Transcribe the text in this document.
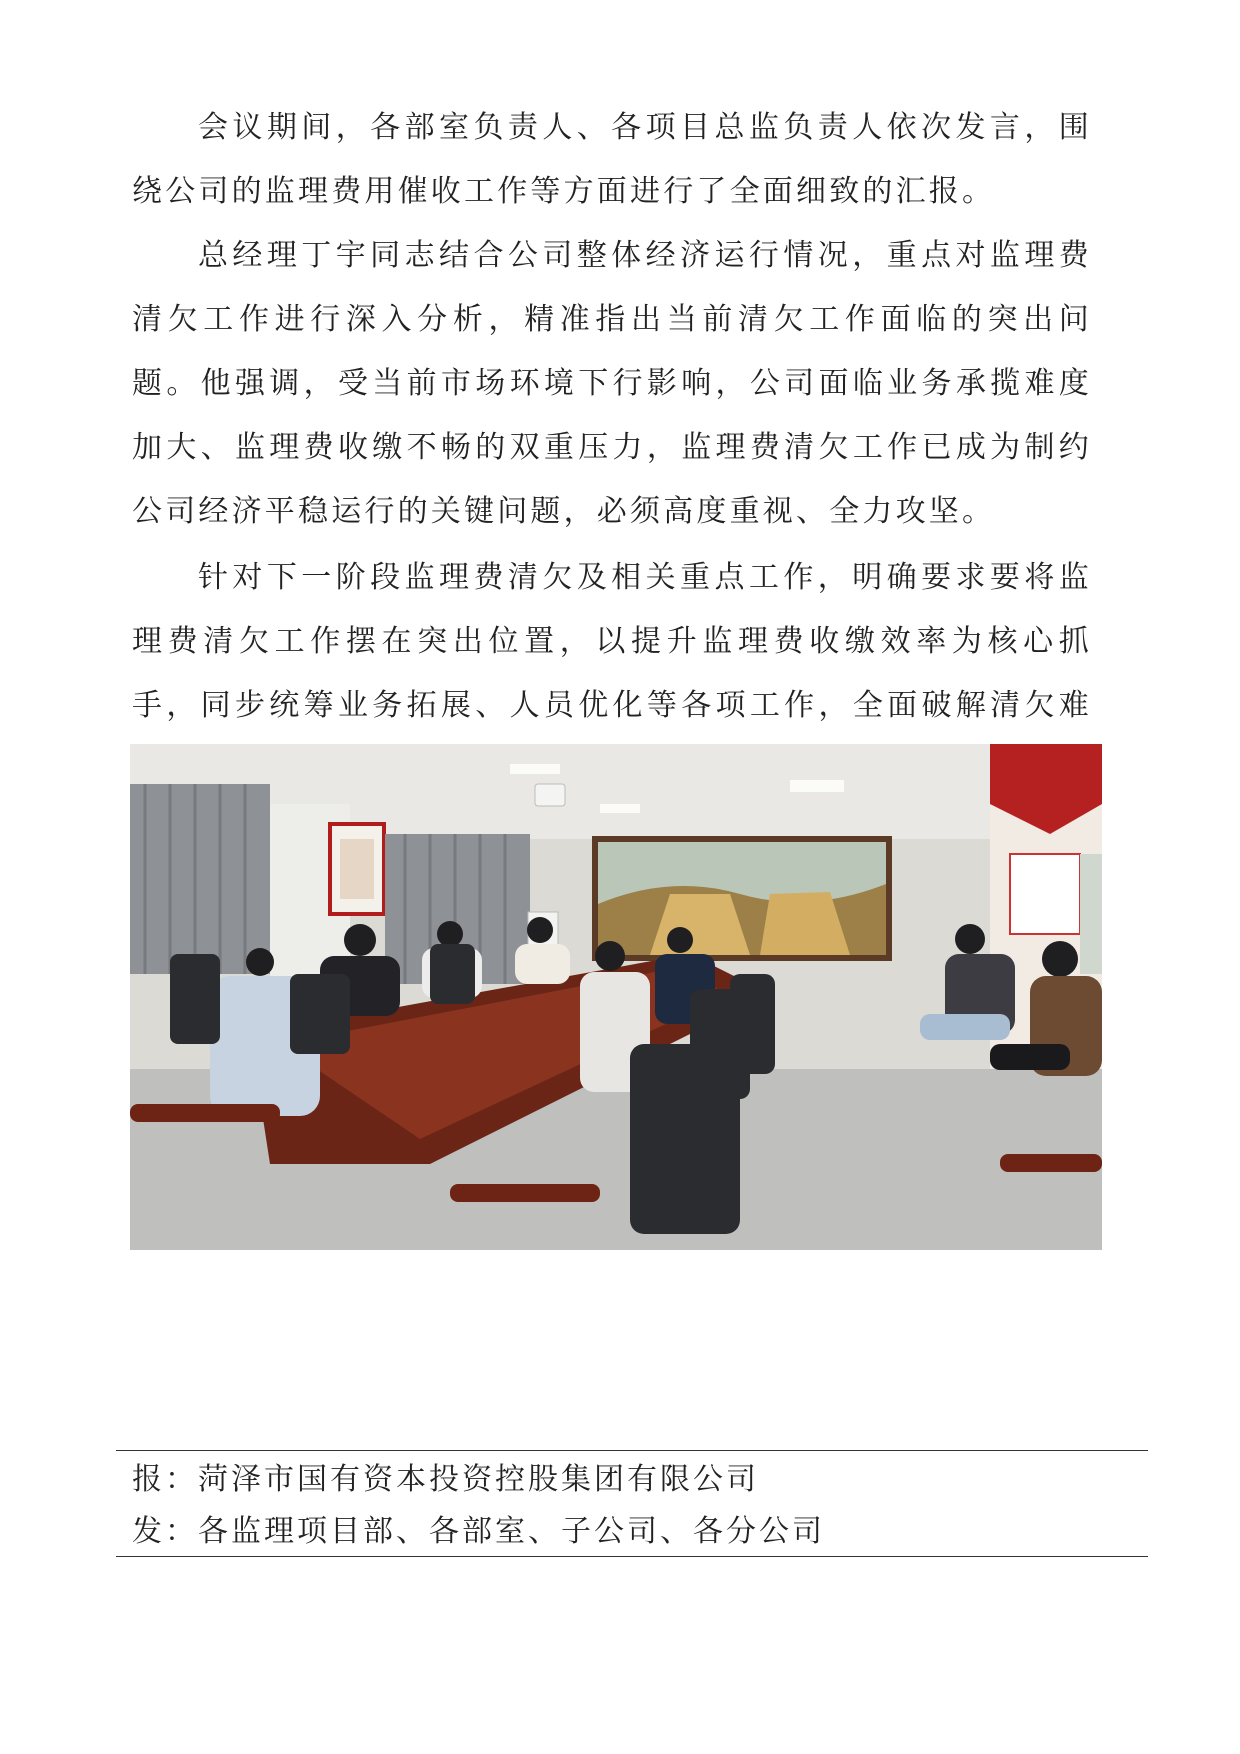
会议期间，各部室负责人、各项目总监负责人依次发言，围绕公司的监理费用催收工作等方面进行了全面细致的汇报。

总经理丁宇同志结合公司整体经济运行情况，重点对监理费清欠工作进行深入分析，精准指出当前清欠工作面临的突出问题。他强调，受当前市场环境下行影响，公司面临业务承揽难度加大、监理费收缴不畅的双重压力，监理费清欠工作已成为制约公司经济平稳运行的关键问题，必须高度重视、全力攻坚。

针对下一阶段监理费清欠及相关重点工作，明确要求要将监理费清欠工作摆在突出位置，以提升监理费收缴效率为核心抓手，同步统筹业务拓展、人员优化等各项工作，全面破解清欠难

报：菏泽市国有资本投资控股集团有限公司
发：各监理项目部、各部室、子公司、各分公司
